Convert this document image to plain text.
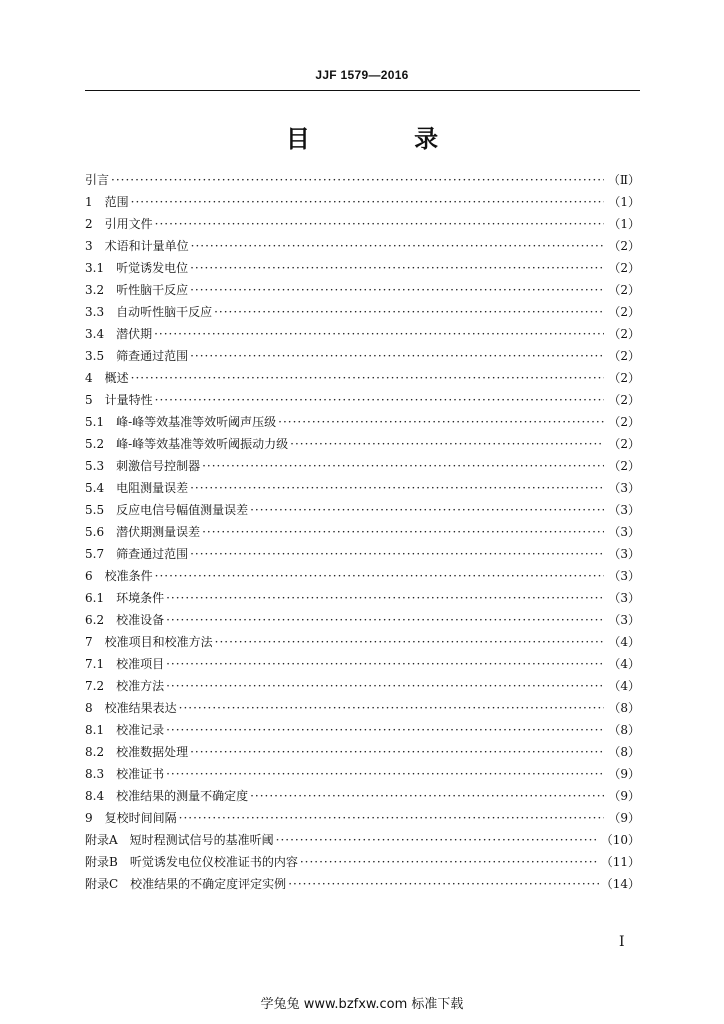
JJF 1579—2016
目 录
引言 ·····	（Ⅱ）
1　范围 ·····	（1）
2　引用文件 ·····	（1）
3　术语和计量单位 ·····	（2）
3.1　听觉诱发电位 ·····	（2）
3.2　听性脑干反应 ·····	（2）
3.3　自动听性脑干反应 ·····	（2）
3.4　潜伏期 ·····	（2）
3.5　筛查通过范围 ·····	（2）
4　概述 ·····	（2）
5　计量特性 ·····	（2）
5.1　峰-峰等效基准等效听阈声压级 ·····	（2）
5.2　峰-峰等效基准等效听阈振动力级 ·····	（2）
5.3　刺激信号控制器 ·····	（2）
5.4　电阻测量误差 ·····	（3）
5.5　反应电信号幅值测量误差 ·····	（3）
5.6　潜伏期测量误差 ·····	（3）
5.7　筛查通过范围 ·····	（3）
6　校准条件 ·····	（3）
6.1　环境条件 ·····	（3）
6.2　校准设备 ·····	（3）
7　校准项目和校准方法 ·····	（4）
7.1　校准项目 ·····	（4）
7.2　校准方法 ·····	（4）
8　校准结果表达 ·····	（8）
8.1　校准记录 ·····	（8）
8.2　校准数据处理 ·····	（8）
8.3　校准证书 ·····	（9）
8.4　校准结果的测量不确定度 ·····	（9）
9　复校时间间隔 ·····	（9）
附录A　短时程测试信号的基准听阈 ·····	（10）
附录B　听觉诱发电位仪校准证书的内容 ·····	（11）
附录C　校准结果的不确定度评定实例 ·····	（14）
I
学兔兔 www.bzfxw.com 标准下载
